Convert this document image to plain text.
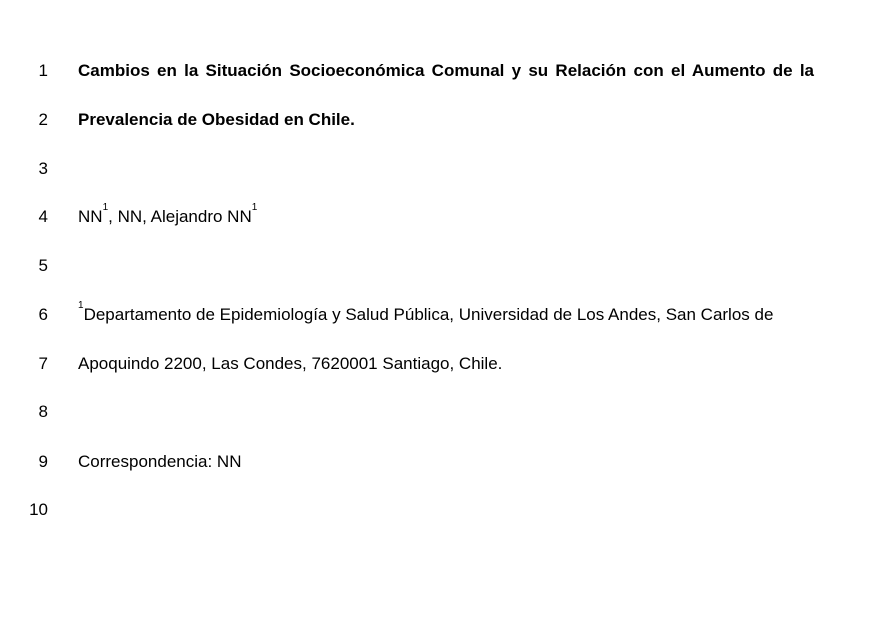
1 Cambios en la Situación Socioeconómica Comunal y su Relación con el Aumento de la
2 Prevalencia de Obesidad en Chile.
3
4 $NN^1$, NN, Alejandro $NN^1$
5
6	$^1$Departamento de Epidemiología y Salud Pública, Universidad de Los Andes, San Carlos de
7 Apoquindo 2200, Las Condes, 7620001 Santiago, Chile.
8
9 Correspondencia: NN
10
